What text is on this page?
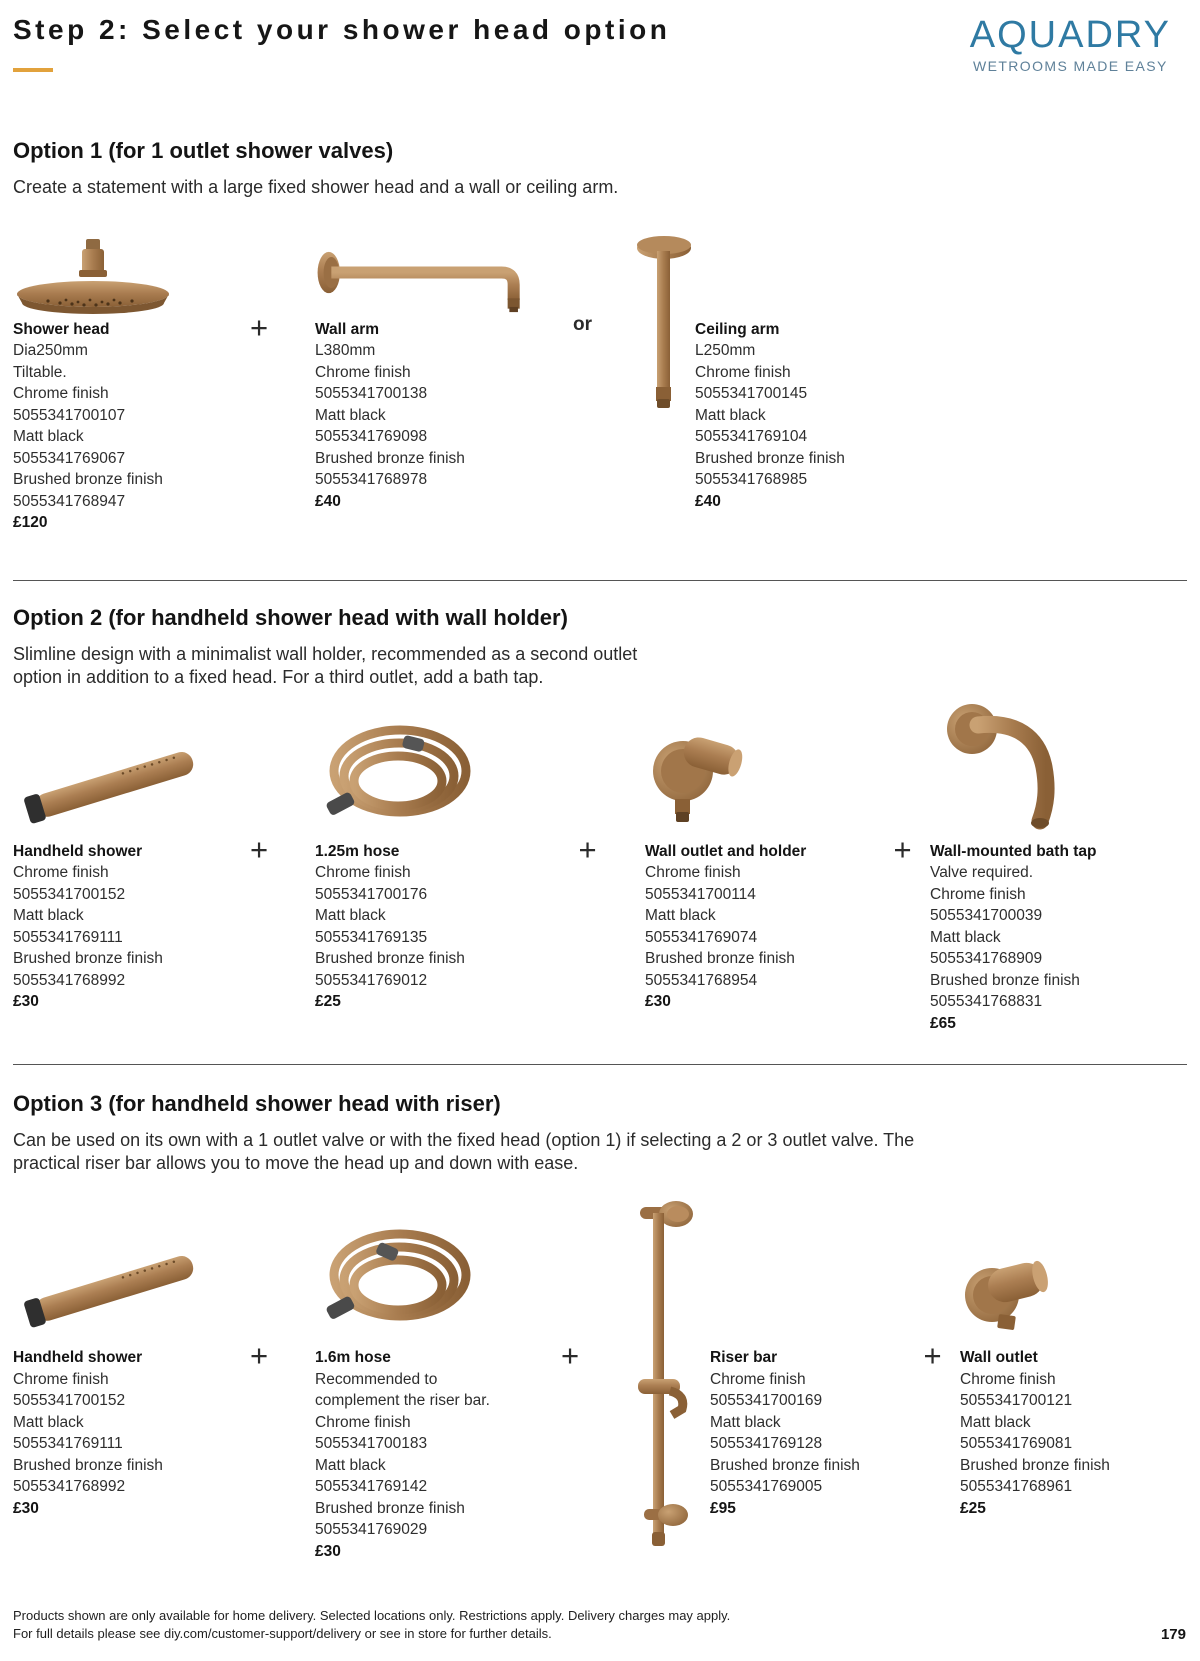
Step 2: Select your shower head option	AQUADRY
WETROOMS MADE EASY
Option 1 (for 1 outlet shower valves)

Create a statement with a large fixed shower head and a wall or ceiling arm.

Shower head
Dia250mm
Tiltable.
Chrome finish
5055341700107
Matt black
5055341769067
Brushed bronze finish
5055341768947
£120
+	Wall arm
L380mm
Chrome finish
5055341700138
Matt black
5055341769098
Brushed bronze finish
5055341768978
£40
or	Ceiling arm
L250mm
Chrome finish
5055341700145
Matt black
5055341769104
Brushed bronze finish
5055341768985
£40
Option 2 (for handheld shower head with wall holder)

Slimline design with a minimalist wall holder, recommended as a second outlet option in addition to a fixed head. For a third outlet, add a bath tap.

Handheld shower
Chrome finish
5055341700152
Matt black
5055341769111
Brushed bronze finish
5055341768992
£30
+	1.25m hose
Chrome finish
5055341700176
Matt black
5055341769135
Brushed bronze finish
5055341769012
£25
+	Wall outlet and holder
Chrome finish
5055341700114
Matt black
5055341769074
Brushed bronze finish
5055341768954
£30
+	Wall-mounted bath tap
Valve required.
Chrome finish
5055341700039
Matt black
5055341768909
Brushed bronze finish
5055341768831
£65
Option 3 (for handheld shower head with riser)

Can be used on its own with a 1 outlet valve or with the fixed head (option 1) if selecting a 2 or 3 outlet valve. The practical riser bar allows you to move the head up and down with ease.

Handheld shower
Chrome finish
5055341700152
Matt black
5055341769111
Brushed bronze finish
5055341768992
£30
+	1.6m hose
Recommended to complement the riser bar.
Chrome finish
5055341700183
Matt black
5055341769142
Brushed bronze finish
5055341769029
£30
+	Riser bar
Chrome finish
5055341700169
Matt black
5055341769128
Brushed bronze finish
5055341769005
£95
+	Wall outlet
Chrome finish
5055341700121
Matt black
5055341769081
Brushed bronze finish
5055341768961
£25
Products shown are only available for home delivery. Selected locations only. Restrictions apply. Delivery charges may apply.
For full details please see diy.com/customer-support/delivery or see in store for further details.	179
